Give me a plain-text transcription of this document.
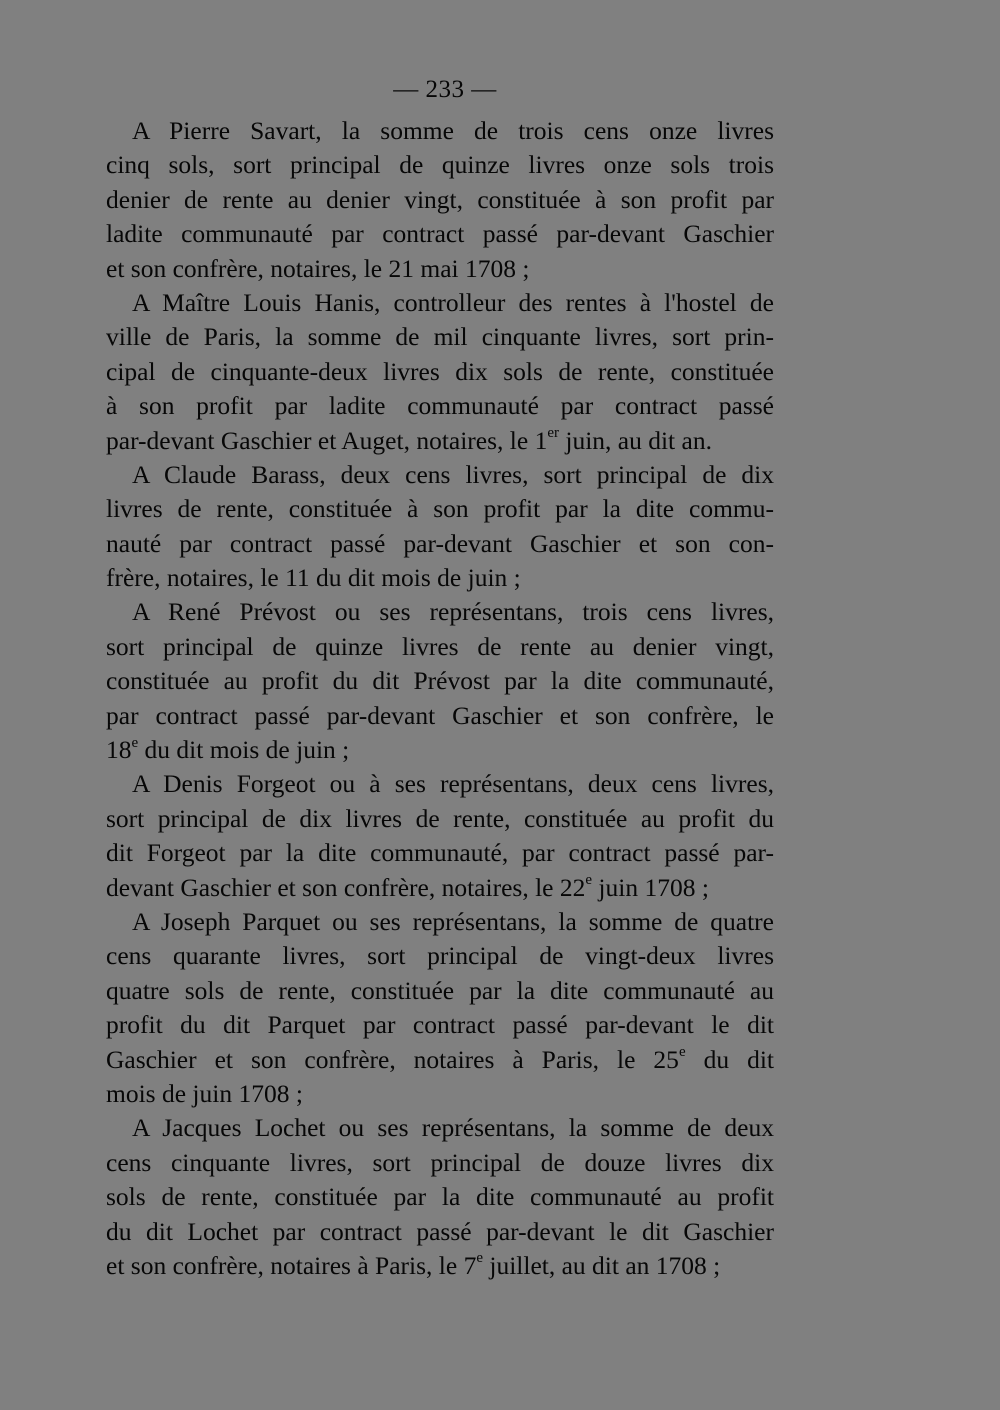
— 233 —
A Pierre Savart, la somme de trois cens onze livres
cinq sols, sort principal de quinze livres onze sols trois
denier de rente au denier vingt, constituée à son profit par
ladite communauté par contract passé par-devant Gaschier
et son confrère, notaires, le 21 mai 1708 ;
A Maître Louis Hanis, controlleur des rentes à l'hostel de
ville de Paris, la somme de mil cinquante livres, sort prin-
cipal de cinquante-deux livres dix sols de rente, constituée
à son profit par ladite communauté par contract passé
par-devant Gaschier et Auget, notaires, le 1er juin, au dit an.
A Claude Barass, deux cens livres, sort principal de dix
livres de rente, constituée à son profit par la dite commu-
nauté par contract passé par-devant Gaschier et son con-
frère, notaires, le 11 du dit mois de juin ;
A René Prévost ou ses représentans, trois cens livres,
sort principal de quinze livres de rente au denier vingt,
constituée au profit du dit Prévost par la dite communauté,
par contract passé par-devant Gaschier et son confrère, le
18e du dit mois de juin ;
A Denis Forgeot ou à ses représentans, deux cens livres,
sort principal de dix livres de rente, constituée au profit du
dit Forgeot par la dite communauté, par contract passé par-
devant Gaschier et son confrère, notaires, le 22e juin 1708 ;
A Joseph Parquet ou ses représentans, la somme de quatre
cens quarante livres, sort principal de vingt-deux livres
quatre sols de rente, constituée par la dite communauté au
profit du dit Parquet par contract passé par-devant le dit
Gaschier et son confrère, notaires à Paris, le 25e du dit
mois de juin 1708 ;
A Jacques Lochet ou ses représentans, la somme de deux
cens cinquante livres, sort principal de douze livres dix
sols de rente, constituée par la dite communauté au profit
du dit Lochet par contract passé par-devant le dit Gaschier
et son confrère, notaires à Paris, le 7e juillet, au dit an 1708 ;
